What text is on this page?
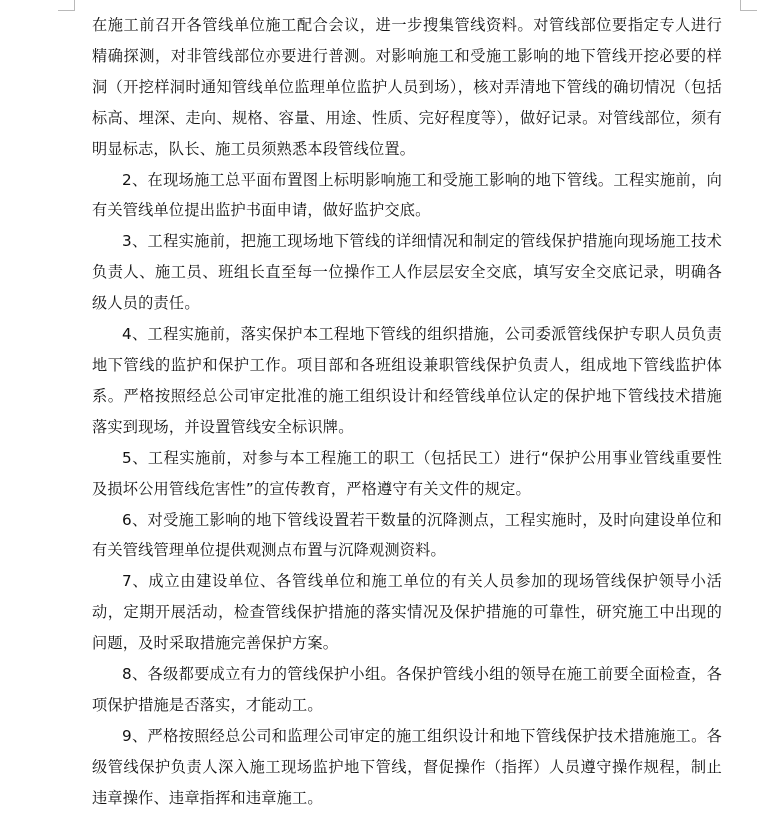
在施工前召开各管线单位施工配合会议，进一步搜集管线资料。对管线部位要指定专人进行精确探测，对非管线部位亦要进行普测。对影响施工和受施工影响的地下管线开挖必要的样洞（开挖样洞时通知管线单位监理单位监护人员到场），核对弄清地下管线的确切情况（包括标高、埋深、走向、规格、容量、用途、性质、完好程度等），做好记录。对管线部位，须有明显标志，队长、施工员须熟悉本段管线位置。

2、在现场施工总平面布置图上标明影响施工和受施工影响的地下管线。工程实施前，向有关管线单位提出监护书面申请，做好监护交底。

3、工程实施前，把施工现场地下管线的详细情况和制定的管线保护措施向现场施工技术负责人、施工员、班组长直至每一位操作工人作层层安全交底，填写安全交底记录，明确各级人员的责任。

4、工程实施前，落实保护本工程地下管线的组织措施，公司委派管线保护专职人员负责地下管线的监护和保护工作。项目部和各班组设兼职管线保护负责人，组成地下管线监护体系。严格按照经总公司审定批准的施工组织设计和经管线单位认定的保护地下管线技术措施落实到现场，并设置管线安全标识牌。

5、工程实施前，对参与本工程施工的职工（包括民工）进行“保护公用事业管线重要性及损坏公用管线危害性”的宣传教育，严格遵守有关文件的规定。

6、对受施工影响的地下管线设置若干数量的沉降测点，工程实施时，及时向建设单位和有关管线管理单位提供观测点布置与沉降观测资料。

7、成立由建设单位、各管线单位和施工单位的有关人员参加的现场管线保护领导小活动，定期开展活动，检查管线保护措施的落实情况及保护措施的可靠性，研究施工中出现的问题，及时采取措施完善保护方案。

8、各级都要成立有力的管线保护小组。各保护管线小组的领导在施工前要全面检查，各项保护措施是否落实，才能动工。

9、严格按照经总公司和监理公司审定的施工组织设计和地下管线保护技术措施施工。各级管线保护负责人深入施工现场监护地下管线，督促操作（指挥）人员遵守操作规程，制止违章操作、违章指挥和违章施工。
